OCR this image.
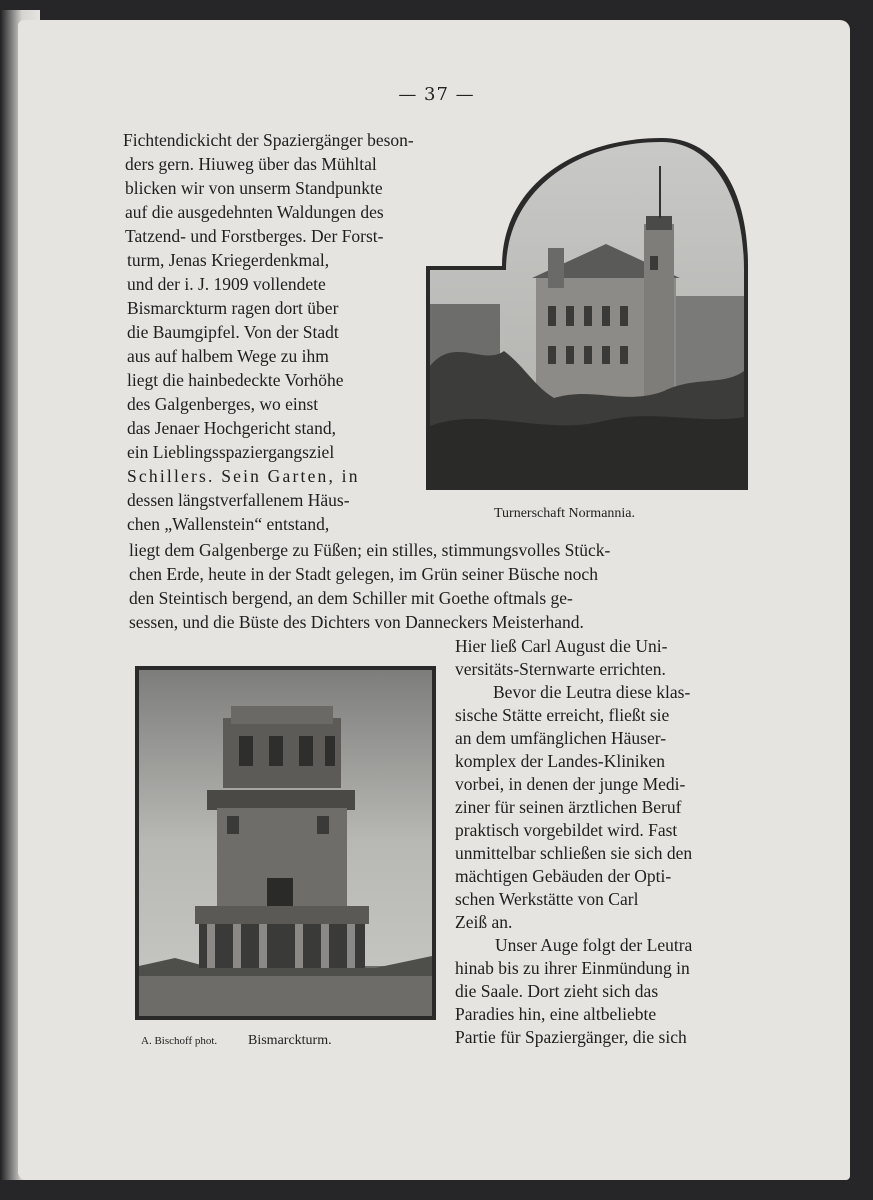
— 37 —
Turnerschaft Normannia.
A. Bischoff phot. Bismarckturm.
Fichtendickicht der Spaziergänger beson-
ders gern. Hiuweg über das Mühltal
blicken wir von unserm Standpunkte
auf die ausgedehnten Waldungen des
Tatzend- und Forstberges. Der Forst-
turm, Jenas Kriegerdenkmal,
und der i. J. 1909 vollendete
Bismarckturm ragen dort über
die Baumgipfel. Von der Stadt
aus auf halbem Wege zu ihm
liegt die hainbedeckte Vorhöhe
des Galgenberges, wo einst
das Jenaer Hochgericht stand,
ein Lieblingsspaziergangsziel
Schillers. Sein Garten, in
dessen längstverfallenem Häus-
chen „Wallenstein“ entstand,
liegt dem Galgenberge zu Füßen; ein stilles, stimmungsvolles Stück-
chen Erde, heute in der Stadt gelegen, im Grün seiner Büsche noch
den Steintisch bergend, an dem Schiller mit Goethe oftmals ge-
sessen, und die Büste des Dichters von Danneckers Meisterhand.
Hier ließ Carl August die Uni-
versitäts-Sternwarte errichten.
Bevor die Leutra diese klas-
sische Stätte erreicht, fließt sie
an dem umfänglichen Häuser-
komplex der Landes-Kliniken
vorbei, in denen der junge Medi-
ziner für seinen ärztlichen Beruf
praktisch vorgebildet wird. Fast
unmittelbar schließen sie sich den
mächtigen Gebäuden der Opti-
schen Werkstätte von Carl
Zeiß an.
Unser Auge folgt der Leutra
hinab bis zu ihrer Einmündung in
die Saale. Dort zieht sich das
Paradies hin, eine altbeliebte
Partie für Spaziergänger, die sich
